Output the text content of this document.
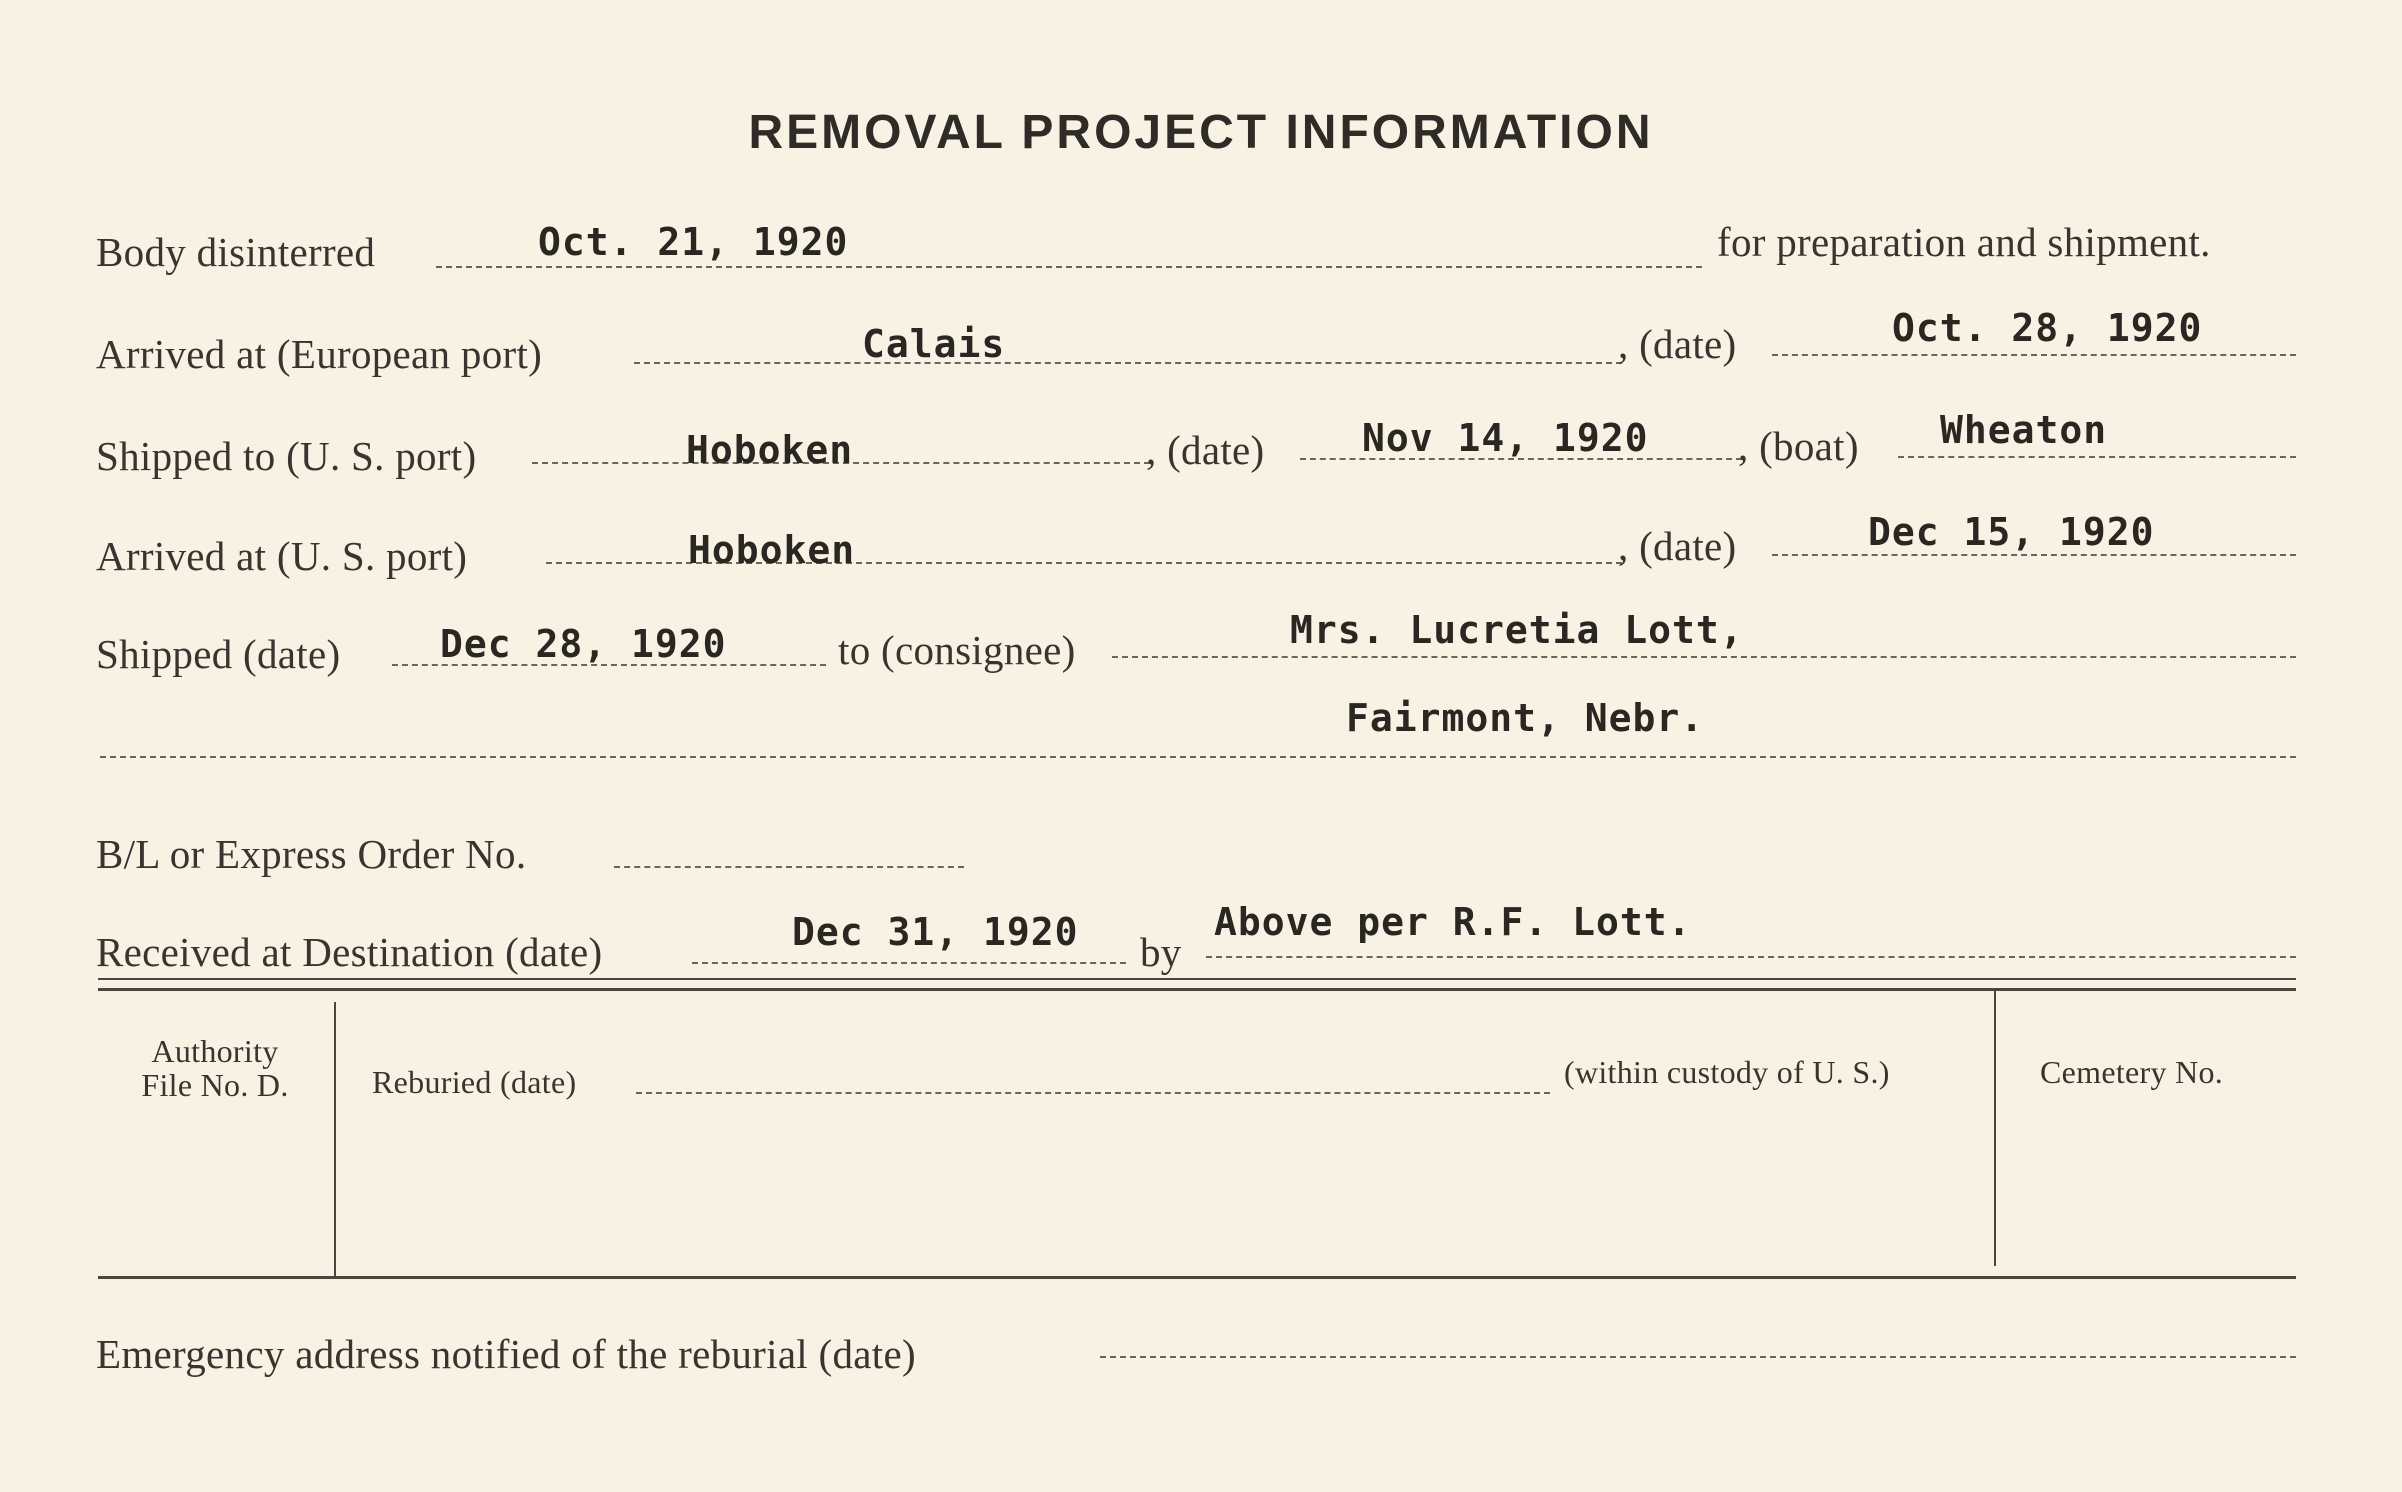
REMOVAL PROJECT INFORMATION
Body disinterred	Oct. 21, 1920	for preparation and shipment.
Arrived at (European port)	Calais	, (date)	Oct. 28, 1920
Shipped to (U. S. port)	Hoboken	, (date)	Nov 14, 1920 , (boat) Wheaton
Arrived at (U. S. port)	Hoboken	, (date)	Dec 15, 1920
Shipped (date)	Dec 28, 1920	to (consignee)	Mrs. Lucretia Lott,
Fairmont, Nebr.
B/L or Express Order No.
Received at Destination (date)	Dec 31, 1920 by
Above per R.F. Lott.
Authority
File No. D.	Reburied (date)	(within custody of U. S.)	Cemetery No.
Emergency address notified of the reburial (date)
